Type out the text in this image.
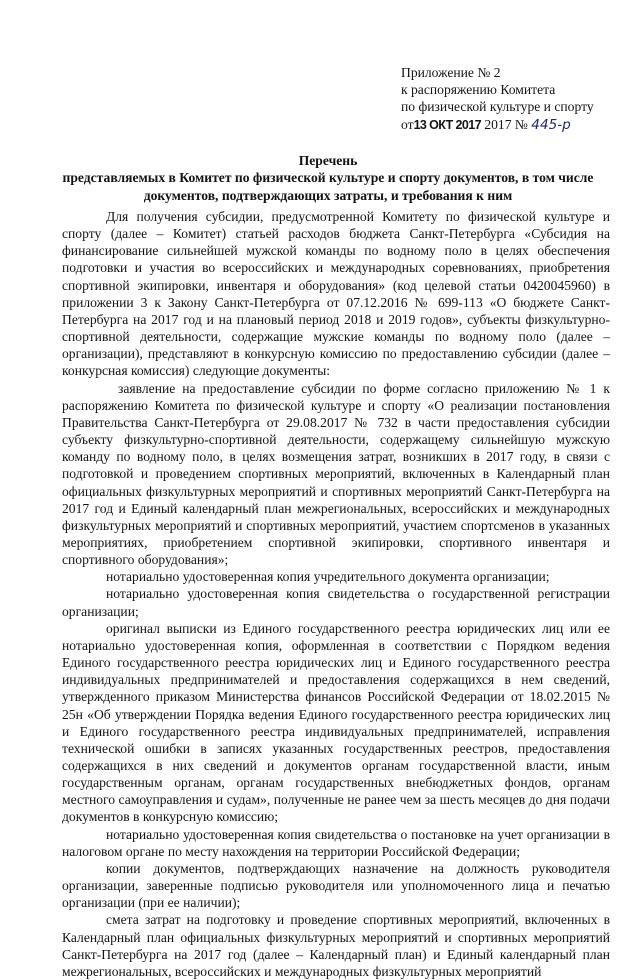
Приложение № 2
к распоряжению Комитета
по физической культуре и спорту
от13 ОКТ 2017 2017 № 445-р
Перечень
представляемых в Комитет по физической культуре и спорту документов, в том числе
документов, подтверждающих затраты, и требования к ним

Для получения субсидии, предусмотренной Комитету по физической культуре и спорту (далее – Комитет) статьей расходов бюджета Санкт-Петербурга «Субсидия на финансирование сильнейшей мужской команды по водному поло в целях обеспечения подготовки и участия во всероссийских и международных соревнованиях, приобретения спортивной экипировки, инвентаря и оборудования» (код целевой статьи 0420045960) в приложении 3 к Закону Санкт-Петербурга от 07.12.2016 № 699-113 «О бюджете Санкт-Петербурга на 2017 год и на плановый период 2018 и 2019 годов», субъекты физкультурно-спортивной деятельности, содержащие мужские команды по водному поло (далее – организации), представляют в конкурсную комиссию по предоставлению субсидии (далее – конкурсная комиссия) следующие документы:

заявление на предоставление субсидии по форме согласно приложению № 1 к распоряжению Комитета по физической культуре и спорту «О реализации постановления Правительства Санкт-Петербурга от 29.08.2017 № 732 в части предоставления субсидии субъекту физкультурно-спортивной деятельности, содержащему сильнейшую мужскую команду по водному поло, в целях возмещения затрат, возникших в 2017 году, в связи с подготовкой и проведением спортивных мероприятий, включенных в Календарный план официальных физкультурных мероприятий и спортивных мероприятий Санкт-Петербурга на 2017 год и Единый календарный план межрегиональных, всероссийских и международных физкультурных мероприятий и спортивных мероприятий, участием спортсменов в указанных мероприятиях, приобретением спортивной экипировки, спортивного инвентаря и спортивного оборудования»;

нотариально удостоверенная копия учредительного документа организации;

нотариально удостоверенная копия свидетельства о государственной регистрации организации;

оригинал выписки из Единого государственного реестра юридических лиц или ее нотариально удостоверенная копия, оформленная в соответствии с Порядком ведения Единого государственного реестра юридических лиц и Единого государственного реестра индивидуальных предпринимателей и предоставления содержащихся в нем сведений, утвержденного приказом Министерства финансов Российской Федерации от 18.02.2015 № 25н «Об утверждении Порядка ведения Единого государственного реестра юридических лиц и Единого государственного реестра индивидуальных предпринимателей, исправления технической ошибки в записях указанных государственных реестров, предоставления содержащихся в них сведений и документов органам государственной власти, иным государственным органам, органам государственных внебюджетных фондов, органам местного самоуправления и судам», полученные не ранее чем за шесть месяцев до дня подачи документов в конкурсную комиссию;

нотариально удостоверенная копия свидетельства о постановке на учет организации в налоговом органе по месту нахождения на территории Российской Федерации;

копии документов, подтверждающих назначение на должность руководителя организации, заверенные подписью руководителя или уполномоченного лица и печатью организации (при ее наличии);

смета затрат на подготовку и проведение спортивных мероприятий, включенных в Календарный план официальных физкультурных мероприятий и спортивных мероприятий Санкт-Петербурга на 2017 год (далее – Календарный план) и Единый календарный план межрегиональных, всероссийских и международных физкультурных мероприятий
